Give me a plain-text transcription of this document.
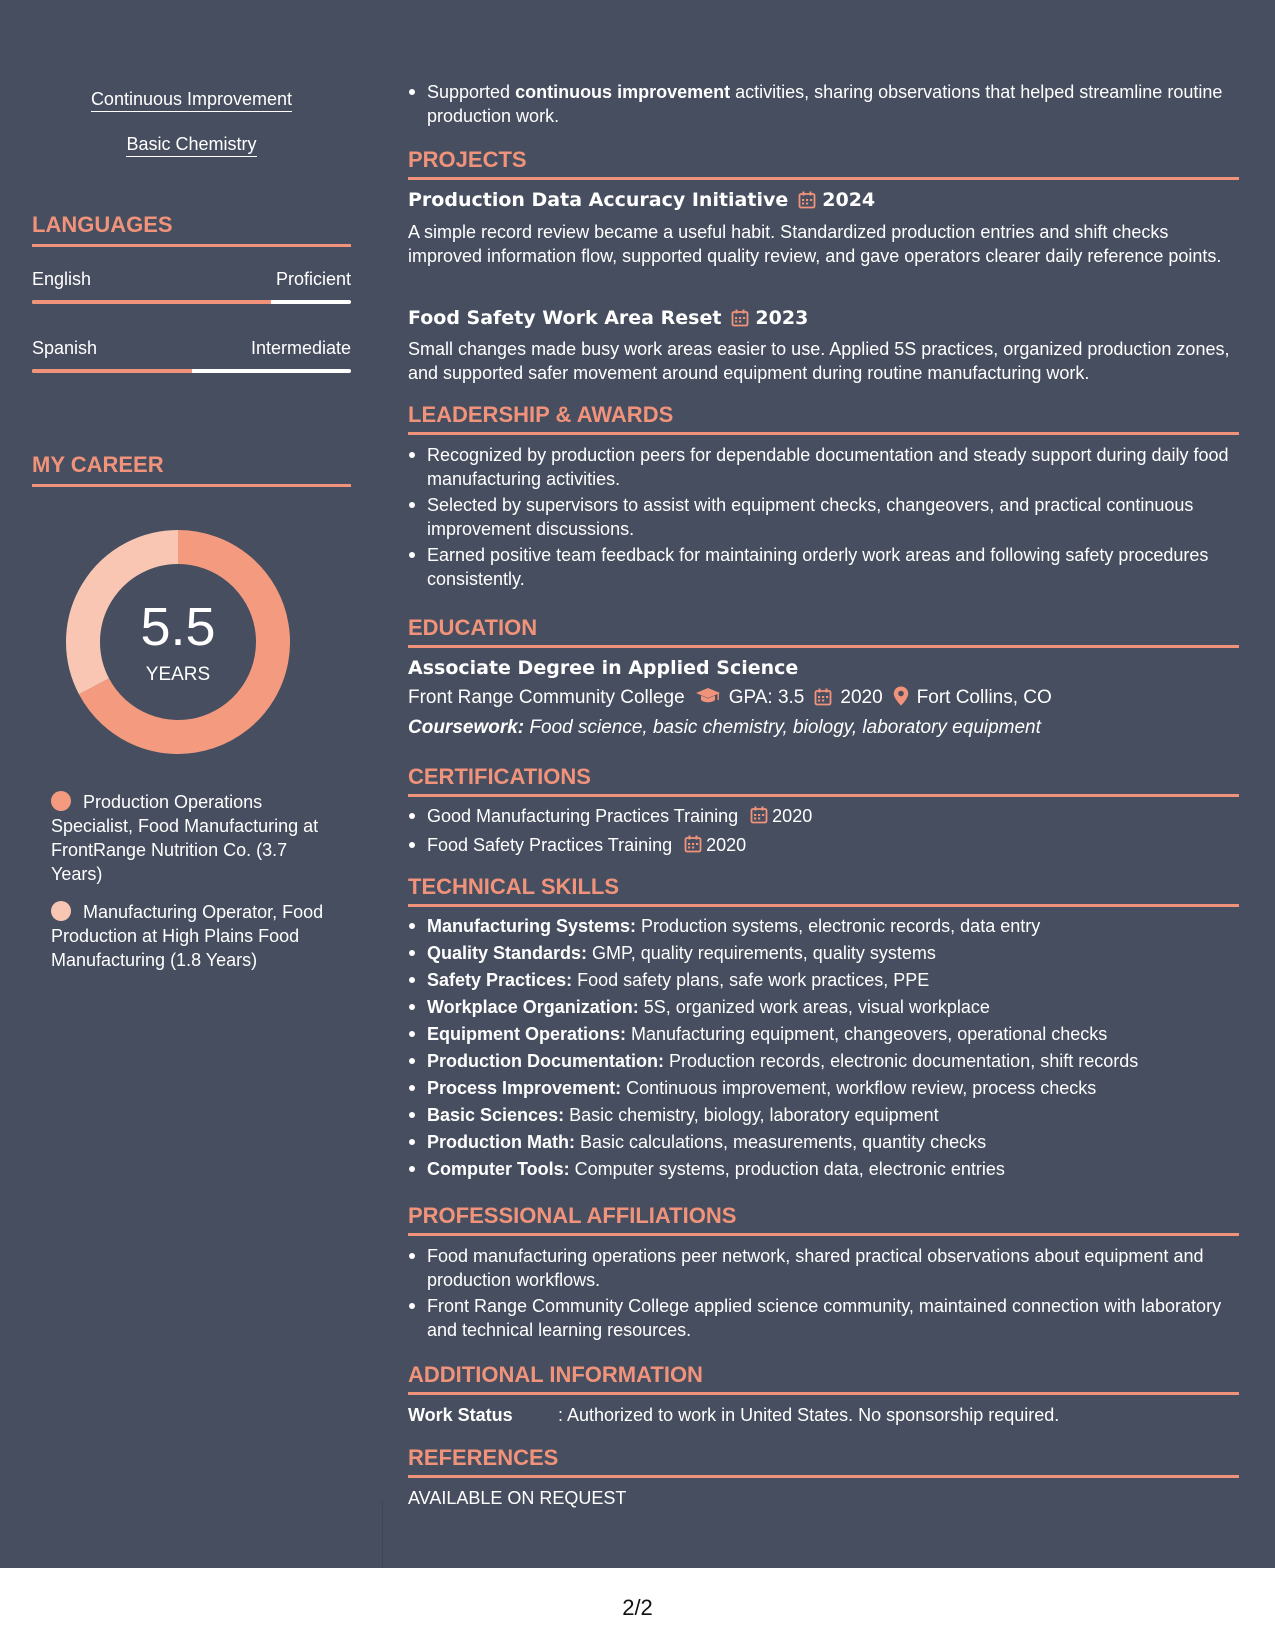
Continuous Improvement
Basic Chemistry
LANGUAGES
English	Proficient
Spanish	Intermediate
MY CAREER
5.5
YEARS
Production Operations Specialist, Food Manufacturing at FrontRange Nutrition Co. (3.7 Years)
Manufacturing Operator, Food Production at High Plains Food Manufacturing (1.8 Years)
Supported continuous improvement activities, sharing observations that helped streamline routine production work.
PROJECTS
Production Data Accuracy Initiative 2024
A simple record review became a useful habit. Standardized production entries and shift checks improved information flow, supported quality review, and gave operators clearer daily reference points.
Food Safety Work Area Reset 2023
Small changes made busy work areas easier to use. Applied 5S practices, organized production zones, and supported safer movement around equipment during routine manufacturing work.
LEADERSHIP & AWARDS
Recognized by production peers for dependable documentation and steady support during daily food manufacturing activities.
Selected by supervisors to assist with equipment checks, changeovers, and practical continuous improvement discussions.
Earned positive team feedback for maintaining orderly work areas and following safety procedures consistently.
EDUCATION
Associate Degree in Applied Science
Front Range Community College GPA: 3.5 2020 Fort Collins, CO
Coursework: Food science, basic chemistry, biology, laboratory equipment
CERTIFICATIONS
Good Manufacturing Practices Training 2020
Food Safety Practices Training 2020
TECHNICAL SKILLS
Manufacturing Systems: Production systems, electronic records, data entry
Quality Standards: GMP, quality requirements, quality systems
Safety Practices: Food safety plans, safe work practices, PPE
Workplace Organization: 5S, organized work areas, visual workplace
Equipment Operations: Manufacturing equipment, changeovers, operational checks
Production Documentation: Production records, electronic documentation, shift records
Process Improvement: Continuous improvement, workflow review, process checks
Basic Sciences: Basic chemistry, biology, laboratory equipment
Production Math: Basic calculations, measurements, quantity checks
Computer Tools: Computer systems, production data, electronic entries
PROFESSIONAL AFFILIATIONS
Food manufacturing operations peer network, shared practical observations about equipment and production workflows.
Front Range Community College applied science community, maintained connection with laboratory and technical learning resources.
ADDITIONAL INFORMATION
Work Status	: Authorized to work in United States. No sponsorship required.
REFERENCES
AVAILABLE ON REQUEST
2/2
